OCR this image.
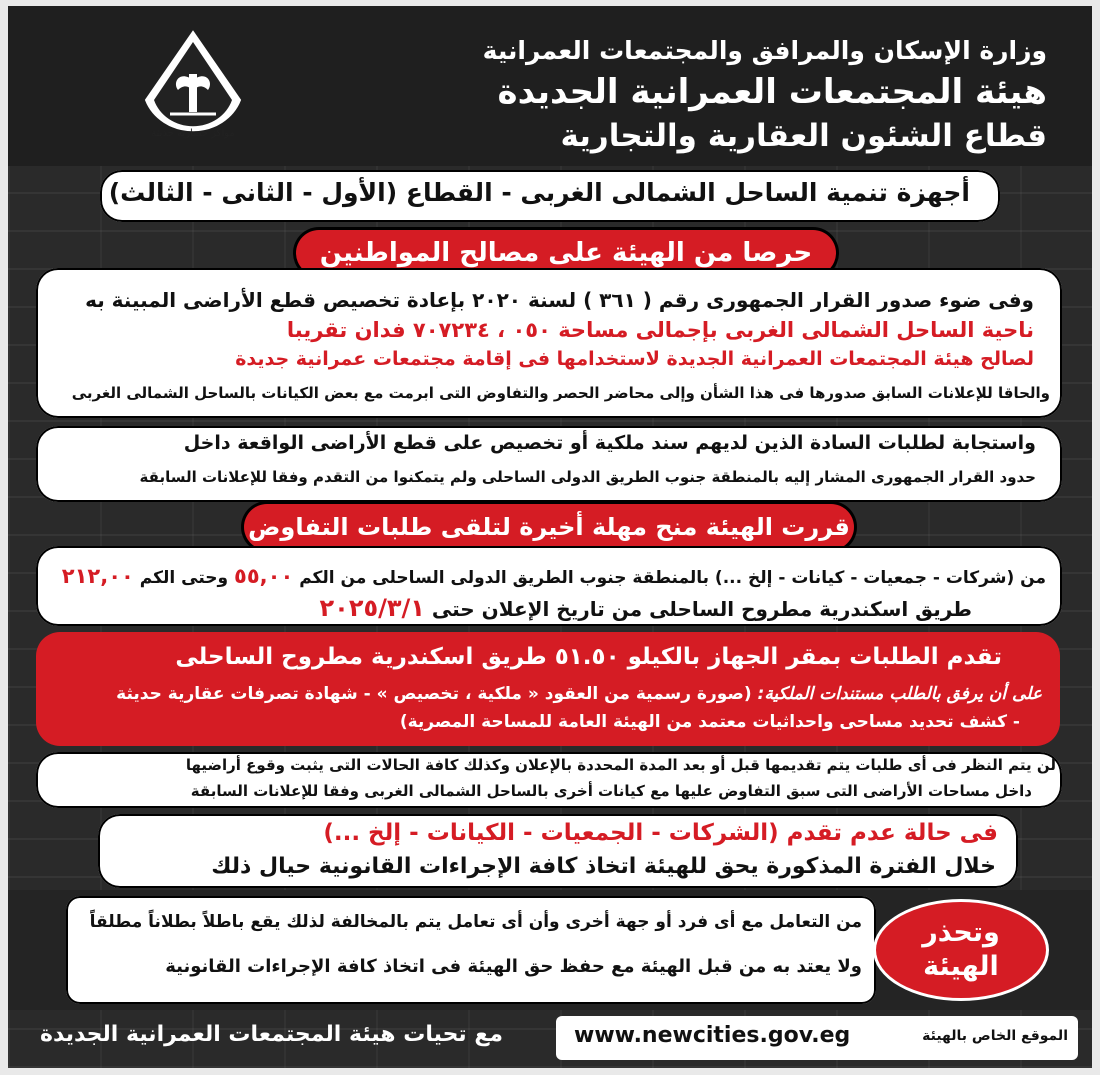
مواكز حضارية حديثة
وزارة الإسكان والمرافق والمجتمعات العمرانية
هيئة المجتمعات العمرانية الجديدة
قطاع الشئون العقارية والتجارية
أجهزة تنمية الساحل الشمالى الغربى - القطاع (الأول - الثانى - الثالث)
حرصا من الهيئة على مصالح المواطنين
وفى ضوء صدور القرار الجمهورى رقم ( ٣٦١ ) لسنة ٢٠٢٠ بإعادة تخصيص قطع الأراضى المبينة به
ناحية الساحل الشمالى الغربى بإجمالى مساحة ٠٥٠ ، ٧٠٧٢٣٤ فدان تقريبا
لصالح هيئة المجتمعات العمرانية الجديدة لاستخدامها فى إقامة مجتمعات عمرانية جديدة
والحاقا للإعلانات السابق صدورها فى هذا الشأن وإلى محاضر الحصر والتفاوض التى ابرمت مع بعض الكيانات بالساحل الشمالى الغربى
واستجابة لطلبات السادة الذين لديهم سند ملكية أو تخصيص على قطع الأراضى الواقعة داخل
حدود القرار الجمهورى المشار إليه بالمنطقة جنوب الطريق الدولى الساحلى ولم يتمكنوا من التقدم وفقا للإعلانات السابقة
قررت الهيئة منح مهلة أخيرة لتلقى طلبات التفاوض
من (شركات - جمعيات - كيانات - إلخ ...) بالمنطقة جنوب الطريق الدولى الساحلى من الكم ٥٥,٠٠ وحتى الكم ٢١٢,٠٠
طريق اسكندرية مطروح الساحلى من تاريخ الإعلان حتى ٢٠٢٥/٣/١
تقدم الطلبات بمقر الجهاز بالكيلو ٥١.٥٠ طريق اسكندرية مطروح الساحلى
على أن يرفق بالطلب مستندات الملكية: (صورة رسمية من العقود « ملكية ، تخصيص » - شهادة تصرفات عقارية حديثة
- كشف تحديد مساحى واحداثيات معتمد من الهيئة العامة للمساحة المصرية)
لن يتم النظر فى أى طلبات يتم تقديمها قبل أو بعد المدة المحددة بالإعلان وكذلك كافة الحالات التى يثبت وقوع أراضيها
داخل مساحات الأراضى التى سبق التفاوض عليها مع كيانات أخرى بالساحل الشمالى الغربى وفقا للإعلانات السابقة
فى حالة عدم تقدم (الشركات - الجمعيات - الكيانات - إلخ ...)
خلال الفترة المذكورة يحق للهيئة اتخاذ كافة الإجراءات القانونية حيال ذلك
من التعامل مع أى فرد أو جهة أخرى وأن أى تعامل يتم بالمخالفة لذلك يقع باطلاً بطلاناً مطلقاً
ولا يعتد به من قبل الهيئة مع حفظ حق الهيئة فى اتخاذ كافة الإجراءات القانونية
وتحذر
الهيئة
الموقع الخاص بالهيئة
www.newcities.gov.eg
مع تحيات هيئة المجتمعات العمرانية الجديدة
